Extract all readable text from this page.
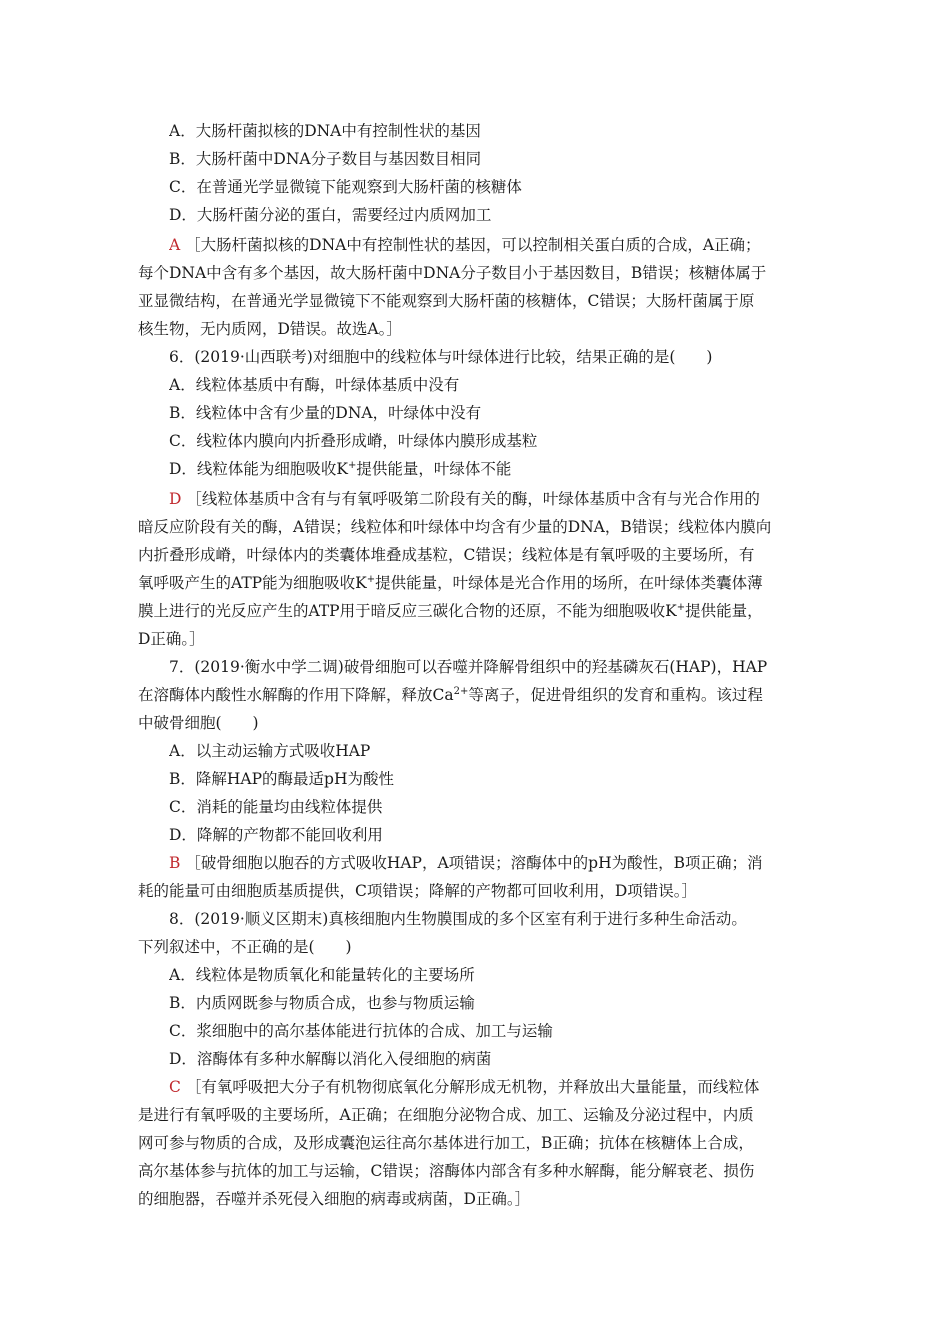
A．大肠杆菌拟核的DNA中有控制性状的基因
B．大肠杆菌中DNA分子数目与基因数目相同
C．在普通光学显微镜下能观察到大肠杆菌的核糖体
D．大肠杆菌分泌的蛋白，需要经过内质网加工
A ［大肠杆菌拟核的DNA中有控制性状的基因，可以控制相关蛋白质的合成，A正确；
每个DNA中含有多个基因，故大肠杆菌中DNA分子数目小于基因数目，B错误；核糖体属于
亚显微结构，在普通光学显微镜下不能观察到大肠杆菌的核糖体，C错误；大肠杆菌属于原
核生物，无内质网，D错误。故选A。］
6．(2019·山西联考)对细胞中的线粒体与叶绿体进行比较，结果正确的是(　　)
A．线粒体基质中有酶，叶绿体基质中没有
B．线粒体中含有少量的DNA，叶绿体中没有
C．线粒体内膜向内折叠形成嵴，叶绿体内膜形成基粒
D．线粒体能为细胞吸收K+提供能量，叶绿体不能
D ［线粒体基质中含有与有氧呼吸第二阶段有关的酶，叶绿体基质中含有与光合作用的
暗反应阶段有关的酶，A错误；线粒体和叶绿体中均含有少量的DNA，B错误；线粒体内膜向
内折叠形成嵴，叶绿体内的类囊体堆叠成基粒，C错误；线粒体是有氧呼吸的主要场所，有
氧呼吸产生的ATP能为细胞吸收K+提供能量，叶绿体是光合作用的场所，在叶绿体类囊体薄
膜上进行的光反应产生的ATP用于暗反应三碳化合物的还原，不能为细胞吸收K+提供能量，
D正确。］
7．(2019·衡水中学二调)破骨细胞可以吞噬并降解骨组织中的羟基磷灰石(HAP)，HAP
在溶酶体内酸性水解酶的作用下降解，释放$Ca^{2+}$等离子，促进骨组织的发育和重构。该过程
中破骨细胞(　　)
A．以主动运输方式吸收HAP
B．降解HAP的酶最适pH为酸性
C．消耗的能量均由线粒体提供
D．降解的产物都不能回收利用
B ［破骨细胞以胞吞的方式吸收HAP，A项错误；溶酶体中的pH为酸性，B项正确；消
耗的能量可由细胞质基质提供，C项错误；降解的产物都可回收利用，D项错误。］
8．(2019·顺义区期末)真核细胞内生物膜围成的多个区室有利于进行多种生命活动。
下列叙述中，不正确的是(　　)
A．线粒体是物质氧化和能量转化的主要场所
B．内质网既参与物质合成，也参与物质运输
C．浆细胞中的高尔基体能进行抗体的合成、加工与运输
D．溶酶体有多种水解酶以消化入侵细胞的病菌
C ［有氧呼吸把大分子有机物彻底氧化分解形成无机物，并释放出大量能量，而线粒体
是进行有氧呼吸的主要场所，A正确；在细胞分泌物合成、加工、运输及分泌过程中，内质
网可参与物质的合成，及形成囊泡运往高尔基体进行加工，B正确；抗体在核糖体上合成，
高尔基体参与抗体的加工与运输，C错误；溶酶体内部含有多种水解酶，能分解衰老、损伤
的细胞器，吞噬并杀死侵入细胞的病毒或病菌，D正确。］
